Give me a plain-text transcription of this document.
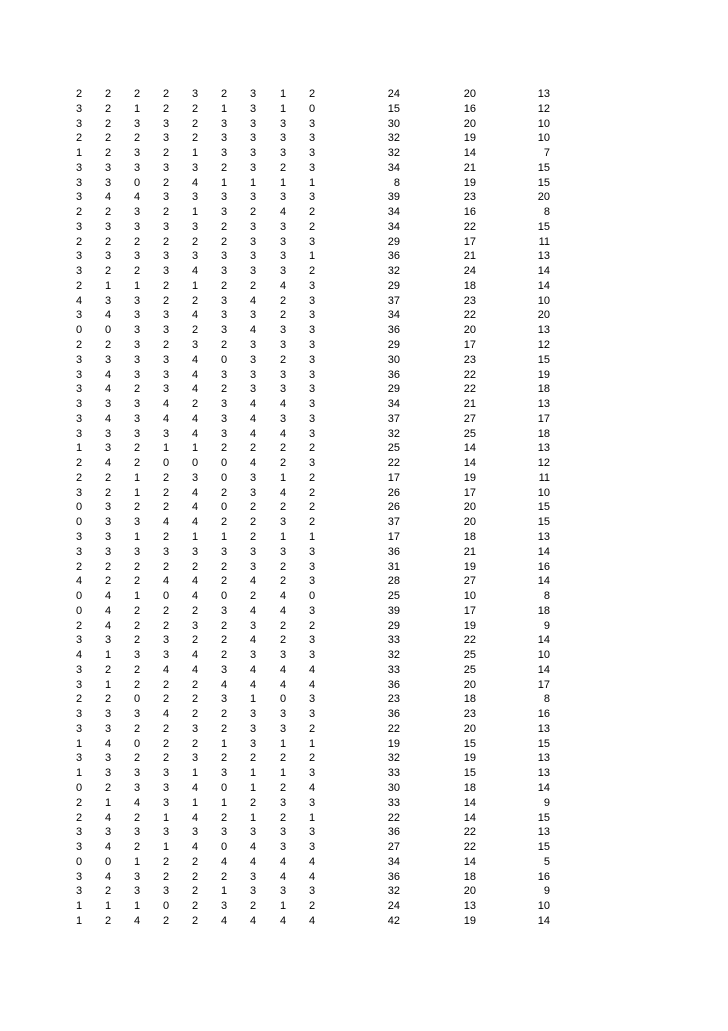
2 2 2 2 3 2 3 1 2	24	20	13
3 2 1 2 2 1 3 1 0	15	16	12
3 2 3 3 2 3 3 3 3	30	20	10
2 2 2 3 2 3 3 3 3	32	19	10
1 2 3 2 1 3 3 3 3	32	14	7
3 3 3 3 3 2 3 2 3	34	21	15
3 3 0 2 4 1 1 1 1	8	19	15
3 4 4 3 3 3 3 3 3	39	23	20
2 2 3 2 1 3 2 4 2	34	16	8
3 3 3 3 3 2 3 3 2	34	22	15
2 2 2 2 2 2 3 3 3	29	17	11
3 3 3 3 3 3 3 3 1	36	21	13
3 2 2 3 4 3 3 3 2	32	24	14
2 1 1 2 1 2 2 4 3	29	18	14
4 3 3 2 2 3 4 2 3	37	23	10
3 4 3 3 4 3 3 2 3	34	22	20
0 0 3 3 2 3 4 3 3	36	20	13
2 2 3 2 3 2 3 3 3	29	17	12
3 3 3 3 4 0 3 2 3	30	23	15
3 4 3 3 4 3 3 3 3	36	22	19
3 4 2 3 4 2 3 3 3	29	22	18
3 3 3 4 2 3 4 4 3	34	21	13
3 4 3 4 4 3 4 3 3	37	27	17
3 3 3 3 4 3 4 4 3	32	25	18
1 3 2 1 1 2 2 2 2	25	14	13
2 4 2 0 0 0 4 2 3	22	14	12
2 2 1 2 3 0 3 1 2	17	19	11
3 2 1 2 4 2 3 4 2	26	17	10
0 3 2 2 4 0 2 2 2	26	20	15
0 3 3 4 4 2 2 3 2	37	20	15
3 3 1 2 1 1 2 1 1	17	18	13
3 3 3 3 3 3 3 3 3	36	21	14
2 2 2 2 2 2 3 2 3	31	19	16
4 2 2 4 4 2 4 2 3	28	27	14
0 4 1 0 4 0 2 4 0	25	10	8
0 4 2 2 2 3 4 4 3	39	17	18
2 4 2 2 3 2 3 2 2	29	19	9
3 3 2 3 2 2 4 2 3	33	22	14
4 1 3 3 4 2 3 3 3	32	25	10
3 2 2 4 4 3 4 4 4	33	25	14
3 1 2 2 2 4 4 4 4	36	20	17
2 2 0 2 2 3 1 0 3	23	18	8
3 3 3 4 2 2 3 3 3	36	23	16
3 3 2 2 3 2 3 3 2	22	20	13
1 4 0 2 2 1 3 1 1	19	15	15
3 3 2 2 3 2 2 2 2	32	19	13
1 3 3 3 1 3 1 1 3	33	15	13
0 2 3 3 4 0 1 2 4	30	18	14
2 1 4 3 1 1 2 3 3	33	14	9
2 4 2 1 4 2 1 2 1	22	14	15
3 3 3 3 3 3 3 3 3	36	22	13
3 4 2 1 4 0 4 3 3	27	22	15
0 0 1 2 2 4 4 4 4	34	14	5
3 4 3 2 2 2 3 4 4	36	18	16
3 2 3 3 2 1 3 3 3	32	20	9
1 1 1 0 2 3 2 1 2	24	13	10
1 2 4 2 2 4 4 4 4	42	19	14
